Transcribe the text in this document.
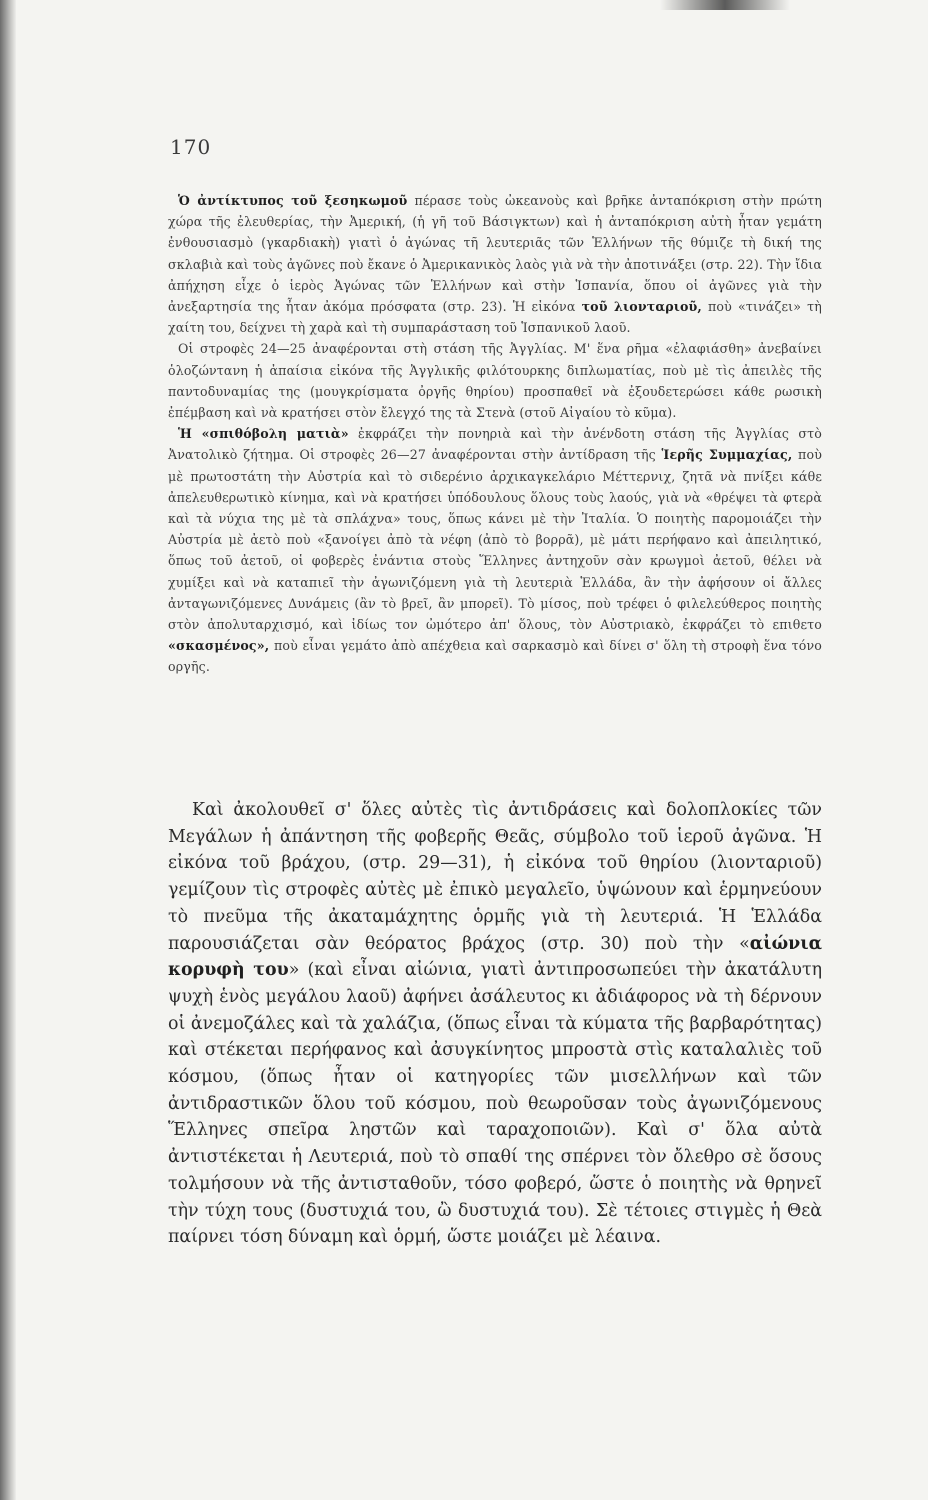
170

Ὁ ἀντίκτυπος τοῦ ξεσηκωμοῦ πέρασε τοὺς ὠκεανοὺς καὶ βρῆκε ἀνταπόκριση στὴν πρώτη χώρα τῆς ἐλευθερίας, τὴν Ἀμερική, (ἡ γῆ τοῦ Βάσιγκτων) καὶ ἡ ἀνταπόκριση αὐτὴ ἦταν γεμάτη ἐνθουσιασμὸ (γκαρδιακὴ) γιατὶ ὁ ἀγώνας τῆ λευτεριᾶς τῶν Ἑλλήνων τῆς θύμιζε τὴ δική της σκλαβιὰ καὶ τοὺς ἀγῶνες ποὺ ἔκανε ὁ Ἀμερικανικὸς λαὸς γιὰ νὰ τὴν ἀποτινάξει (στρ. 22). Τὴν ἴδια ἀπήχηση εἶχε ὁ ἱερὸς Ἀγώνας τῶν Ἑλλήνων καὶ στὴν Ἱσπανία, ὅπου οἱ ἀγῶνες γιὰ τὴν ἀνεξαρτησία της ἦταν ἀκόμα πρόσφατα (στρ. 23). Ἡ εἰκόνα τοῦ λιονταριοῦ, ποὺ «τινάζει» τὴ χαίτη του, δείχνει τὴ χαρὰ καὶ τὴ συμπαράσταση τοῦ Ἱσπανικοῦ λαοῦ.

Οἱ στροφὲς 24—25 ἀναφέρονται στὴ στάση τῆς Ἀγγλίας. Μ' ἕνα ρῆμα «ἐλαφιάσθη» ἀνεβαίνει ὁλοζώντανη ἡ ἀπαίσια εἰκόνα τῆς Ἀγγλικῆς φιλότουρκης διπλωματίας, ποὺ μὲ τὶς ἀπειλὲς τῆς παντοδυναμίας της (μουγκρίσματα ὀργῆς θηρίου) προσπαθεῖ νὰ ἐξουδετερώσει κάθε ρωσικὴ ἐπέμβαση καὶ νὰ κρατήσει στὸν ἔλεγχό της τὰ Στενὰ (στοῦ Αἰγαίου τὸ κῦμα).

Ἡ «σπιθόβολη ματιὰ» ἐκφράζει τὴν πονηριὰ καὶ τὴν ἀνένδοτη στάση τῆς Ἀγγλίας στὸ Ἀνατολικὸ ζήτημα. Οἱ στροφὲς 26—27 ἀναφέρονται στὴν ἀντίδραση τῆς Ἱερῆς Συμμαχίας, ποὺ μὲ πρωτοστάτη τὴν Αὐστρία καὶ τὸ σιδερένιο ἀρχικαγκελάριο Μέττερνιχ, ζητᾶ νὰ πνίξει κάθε ἀπελευθερωτικὸ κίνημα, καὶ νὰ κρατήσει ὑπόδουλους ὅλους τοὺς λαούς, γιὰ νὰ «θρέψει τὰ φτερὰ καὶ τὰ νύχια της μὲ τὰ σπλάχνα» τους, ὅπως κάνει μὲ τὴν Ἰταλία. Ὁ ποιητὴς παρομοιάζει τὴν Αὐστρία μὲ ἀετὸ ποὺ «ξανοίγει ἀπὸ τὰ νέφη (ἀπὸ τὸ βορρᾶ), μὲ μάτι περήφανο καὶ ἀπειλητικό, ὅπως τοῦ ἀετοῦ, οἱ φοβερὲς ἐνάντια στοὺς Ἕλληνες ἀντηχοῦν σὰν κρωγμοὶ ἀετοῦ, θέλει νὰ χυμίξει καὶ νὰ καταπιεῖ τὴν ἀγωνιζόμενη γιὰ τὴ λευτεριὰ Ἑλλάδα, ἂν τὴν ἀφήσουν οἱ ἄλλες ἀνταγωνιζόμενες Δυνάμεις (ἂν τὸ βρεῖ, ἂν μπορεῖ). Τὸ μίσος, ποὺ τρέφει ὁ φιλελεύθερος ποιητὴς στὸν ἀπολυταρχισμό, καὶ ἰδίως τον ὠμότερο ἀπ' ὅλους, τὸν Αὐστριακὸ, ἐκφράζει τὸ επιθετο «σκασμένος», ποὺ εἶναι γεμάτο ἀπὸ απέχθεια καὶ σαρκασμὸ καὶ δίνει σ' ὅλη τὴ στροφὴ ἕνα τόνο οργῆς.

Καὶ ἀκολουθεῖ σ' ὅλες αὐτὲς τὶς ἀντιδράσεις καὶ δολοπλοκίες τῶν Μεγάλων ἡ ἀπάντηση τῆς φοβερῆς Θεᾶς, σύμβολο τοῦ ἱεροῦ ἀγῶνα. Ἡ εἰκόνα τοῦ βράχου, (στρ. 29—31), ἡ εἰκόνα τοῦ θηρίου (λιονταριοῦ) γεμίζουν τὶς στροφὲς αὐτὲς μὲ ἐπικὸ μεγαλεῖο, ὑψώνουν καὶ ἑρμηνεύουν τὸ πνεῦμα τῆς ἀκαταμάχητης ὁρμῆς γιὰ τὴ λευτεριά. Ἡ Ἑλλάδα παρουσιάζεται σὰν θεόρατος βράχος (στρ. 30) ποὺ τὴν «αἰώνια κορυφὴ του» (καὶ εἶναι αἰώνια, γιατὶ ἀντιπροσωπεύει τὴν ἀκατάλυτη ψυχὴ ἑνὸς μεγάλου λαοῦ) ἀφήνει ἀσάλευτος κι ἀδιάφορος νὰ τὴ δέρνουν οἱ ἀνεμοζάλες καὶ τὰ χαλάζια, (ὅπως εἶναι τὰ κύματα τῆς βαρβαρότητας) καὶ στέκεται περήφανος καὶ ἀσυγκίνητος μπροστὰ στὶς καταλαλιὲς τοῦ κόσμου, (ὅπως ἦταν οἱ κατηγορίες τῶν μισελλήνων καὶ τῶν ἀντιδραστικῶν ὅλου τοῦ κόσμου, ποὺ θεωροῦσαν τοὺς ἀγωνιζόμενους Ἕλληνες σπεῖρα ληστῶν καὶ ταραχοποιῶν). Καὶ σ' ὅλα αὐτὰ ἀντιστέκεται ἡ Λευτεριά, ποὺ τὸ σπαθί της σπέρνει τὸν ὄλεθρο σὲ ὅσους τολμήσουν νὰ τῆς ἀντισταθοῦν, τόσο φοβερό, ὥστε ὁ ποιητὴς νὰ θρηνεῖ τὴν τύχη τους (δυστυχιά του, ὢ δυστυχιά του). Σὲ τέτοιες στιγμὲς ἡ Θεὰ παίρνει τόση δύναμη καὶ ὁρμή, ὥστε μοιάζει μὲ λέαινα.
